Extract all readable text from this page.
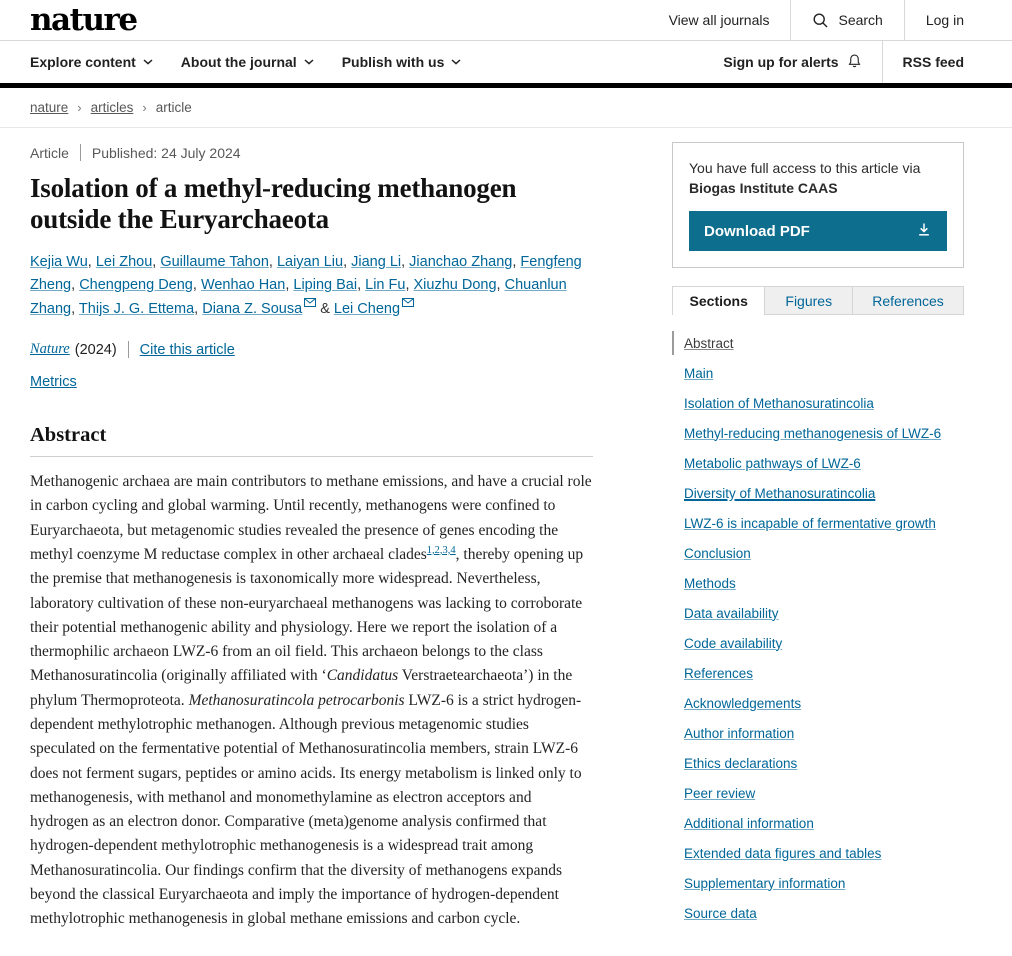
nature	View all journals	Search	Log in
Explore content	About the journal	Publish with us	Sign up for alerts	RSS feed
nature › articles › article
Article Published: 24 July 2024
Isolation of a methyl-reducing methanogen outside the Euryarchaeota

Kejia Wu, Lei Zhou, Guillaume Tahon, Laiyan Liu, Jiang Li, Jianchao Zhang, Fengfeng Zheng, Chengpeng Deng, Wenhao Han, Liping Bai, Lin Fu, Xiuzhu Dong, Chuanlun Zhang, Thijs J. G. Ettema, Diana Z. Sousa & Lei Cheng

Nature (2024) Cite this article
Metrics
Abstract

Methanogenic archaea are main contributors to methane emissions, and have a crucial role in carbon cycling and global warming. Until recently, methanogens were confined to Euryarchaeota, but metagenomic studies revealed the presence of genes encoding the methyl coenzyme M reductase complex in other archaeal clades$^{1,2,3,4}$, thereby opening up the premise that methanogenesis is taxonomically more widespread. Nevertheless, laboratory cultivation of these non-euryarchaeal methanogens was lacking to corroborate their potential methanogenic ability and physiology. Here we report the isolation of a thermophilic archaeon LWZ-6 from an oil field. This archaeon belongs to the class Methanosuratincolia (originally affiliated with ‘Candidatus Verstraetearchaeota’) in the phylum Thermoproteota. Methanosuratincola petrocarbonis LWZ-6 is a strict hydrogen-dependent methylotrophic methanogen. Although previous metagenomic studies speculated on the fermentative potential of Methanosuratincolia members, strain LWZ-6 does not ferment sugars, peptides or amino acids. Its energy metabolism is linked only to methanogenesis, with methanol and monomethylamine as electron acceptors and hydrogen as an electron donor. Comparative (meta)genome analysis confirmed that hydrogen-dependent methylotrophic methanogenesis is a widespread trait among Methanosuratincolia. Our findings confirm that the diversity of methanogens expands beyond the classical Euryarchaeota and imply the importance of hydrogen-dependent methylotrophic methanogenesis in global methane emissions and carbon cycle.

You have full access to this article via Biogas Institute CAAS
Download PDF
Sections	Figures	References
Abstract
Main
Isolation of Methanosuratincolia
Methyl-reducing methanogenesis of LWZ-6
Metabolic pathways of LWZ-6
Diversity of Methanosuratincolia
LWZ-6 is incapable of fermentative growth
Conclusion
Methods
Data availability
Code availability
References
Acknowledgements
Author information
Ethics declarations
Peer review
Additional information
Extended data figures and tables
Supplementary information
Source data
